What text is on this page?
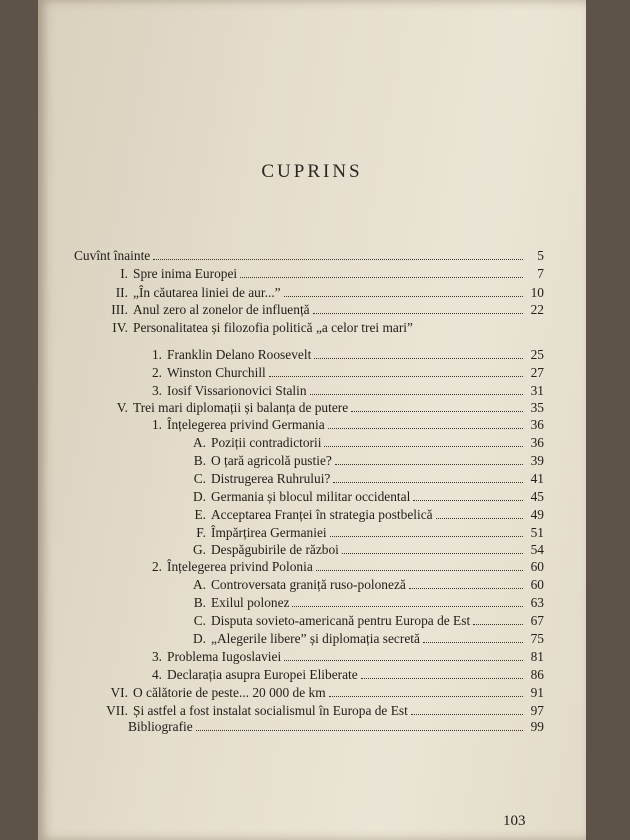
CUPRINS
Cuvînt înainte	5
I. Spre inima Europei	7
II. „În căutarea liniei de aur...”	10
III. Anul zero al zonelor de influență	22
IV. Personalitatea și filozofia politică „a celor trei mari”
1. Franklin Delano Roosevelt	25
2. Winston Churchill	27
3. Iosif Vissarionovici Stalin	31
V. Trei mari diplomații și balanța de putere	35
1. Înțelegerea privind Germania	36
A. Poziții contradictorii	36
B. O țară agricolă pustie?	39
C. Distrugerea Ruhrului?	41
D. Germania și blocul militar occidental	45
E. Acceptarea Franței în strategia postbelică	49
F. Împărțirea Germaniei	51
G. Despăgubirile de război	54
2. Înțelegerea privind Polonia	60
A. Controversata graniță ruso-poloneză	60
B. Exilul polonez	63
C. Disputa sovieto-americană pentru Europa de Est	67
D. „Alegerile libere” și diplomația secretă	75
3. Problema Iugoslaviei	81
4. Declarația asupra Europei Eliberate	86
VI. O călătorie de peste... 20 000 de km	91
VII. Și astfel a fost instalat socialismul în Europa de Est	97
Bibliografie	99
103
